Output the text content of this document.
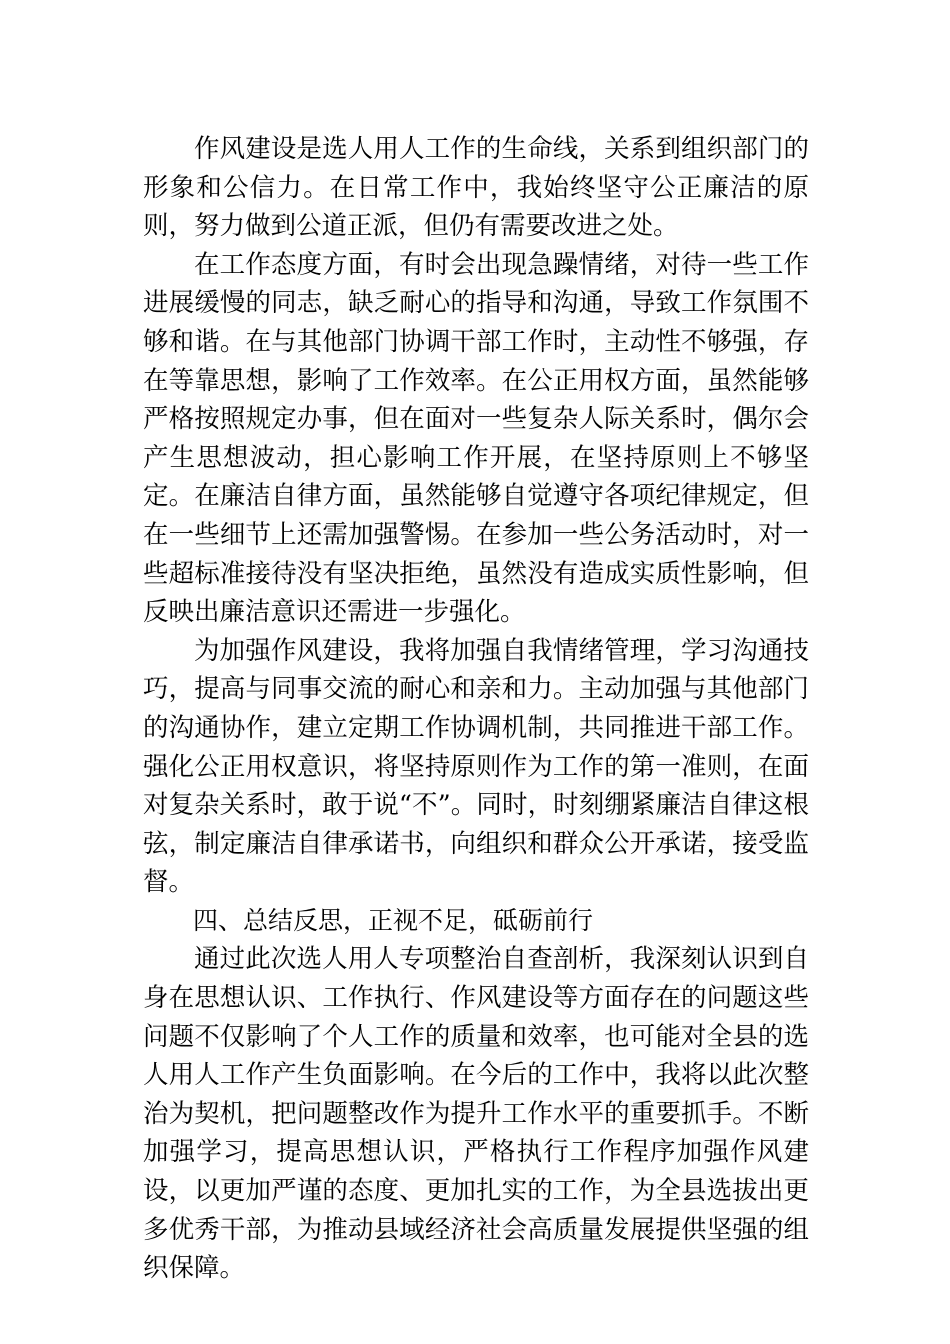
作风建设是选人用人工作的生命线，关系到组织部门的形象和公信力。在日常工作中，我始终坚守公正廉洁的原则，努力做到公道正派，但仍有需要改进之处。

在工作态度方面，有时会出现急躁情绪，对待一些工作进展缓慢的同志，缺乏耐心的指导和沟通，导致工作氛围不够和谐。在与其他部门协调干部工作时，主动性不够强，存在等靠思想，影响了工作效率。在公正用权方面，虽然能够严格按照规定办事，但在面对一些复杂人际关系时，偶尔会产生思想波动，担心影响工作开展，在坚持原则上不够坚定。在廉洁自律方面，虽然能够自觉遵守各项纪律规定，但在一些细节上还需加强警惕。在参加一些公务活动时，对一些超标准接待没有坚决拒绝，虽然没有造成实质性影响，但反映出廉洁意识还需进一步强化。

为加强作风建设，我将加强自我情绪管理，学习沟通技巧，提高与同事交流的耐心和亲和力。主动加强与其他部门的沟通协作，建立定期工作协调机制，共同推进干部工作。强化公正用权意识，将坚持原则作为工作的第一准则，在面对复杂关系时，敢于说“不”。同时，时刻绷紧廉洁自律这根弦，制定廉洁自律承诺书，向组织和群众公开承诺，接受监督。

四、总结反思，正视不足，砥砺前行

通过此次选人用人专项整治自查剖析，我深刻认识到自身在思想认识、工作执行、作风建设等方面存在的问题这些问题不仅影响了个人工作的质量和效率，也可能对全县的选人用人工作产生负面影响。在今后的工作中，我将以此次整治为契机，把问题整改作为提升工作水平的重要抓手。不断加强学习，提高思想认识，严格执行工作程序加强作风建设，以更加严谨的态度、更加扎实的工作，为全县选拔出更多优秀干部，为推动县域经济社会高质量发展提供坚强的组织保障。
